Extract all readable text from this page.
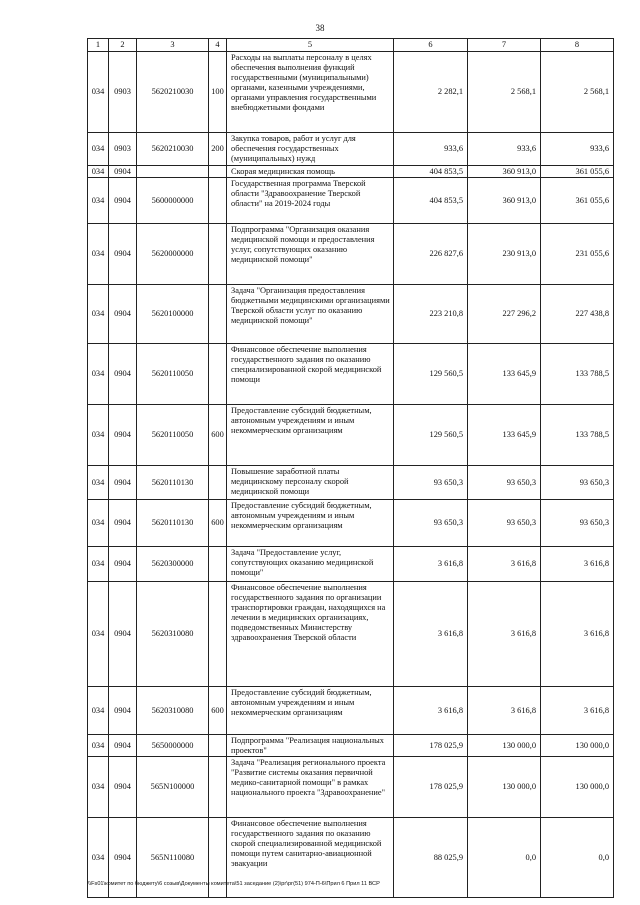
38
1	2	3	4	5	6	7	8
034	0903	5620210030	100	Расходы на выплаты персоналу в целях обеспечения выполнения функций государственными (муниципальными) органами, казенными учреждениями, органами управления государственными внебюджетными фондами	2 282,1	2 568,1	2 568,1
034	0903	5620210030	200	Закупка товаров, работ и услуг для обеспечения государственных (муниципальных) нужд	933,6	933,6	933,6
034	0904			Скорая медицинская помощь	404 853,5	360 913,0	361 055,6
034	0904	5600000000		Государственная программа Тверской области "Здравоохранение Тверской области" на 2019-2024 годы	404 853,5	360 913,0	361 055,6
034	0904	5620000000		Подпрограмма "Организация оказания медицинской помощи и предоставления услуг, сопутствующих оказанию медицинской помощи"	226 827,6	230 913,0	231 055,6
034	0904	5620100000		Задача "Организация предоставления бюджетными медицинскими организациями Тверской области услуг по оказанию медицинской помощи"	223 210,8	227 296,2	227 438,8
034	0904	5620110050		Финансовое обеспечение выполнения государственного задания по оказанию специализированной скорой медицинской помощи	129 560,5	133 645,9	133 788,5
034	0904	5620110050	600	Предоставление субсидий бюджетным, автономным учреждениям и иным некоммерческим организациям	129 560,5	133 645,9	133 788,5
034	0904	5620110130		Повышение заработной платы медицинскому персоналу скорой медицинской помощи	93 650,3	93 650,3	93 650,3
034	0904	5620110130	600	Предоставление субсидий бюджетным, автономным учреждениям и иным некоммерческим организациям	93 650,3	93 650,3	93 650,3
034	0904	5620300000		Задача "Предоставление услуг, сопутствующих оказанию медицинской помощи"	3 616,8	3 616,8	3 616,8
034	0904	5620310080		Финансовое обеспечение выполнения государственного задания по организации транспортировки граждан, находящихся на лечении в медицинских организациях, подведомственных Министерству здравоохранения Тверской области	3 616,8	3 616,8	3 616,8
034	0904	5620310080	600	Предоставление субсидий бюджетным, автономным учреждениям и иным некоммерческим организациям	3 616,8	3 616,8	3 616,8
034	0904	5650000000		Подпрограмма "Реализация национальных проектов"	178 025,9	130 000,0	130 000,0
034	0904	565N100000		Задача "Реализация регионального проекта "Развитие системы оказания первичной медико-санитарной помощи" в рамках национального проекта "Здравоохранение"	178 025,9	130 000,0	130 000,0
034	0904	565N110080		Финансовое обеспечение выполнения государственного задания по оказанию скорой специализированной медицинской помощи путем санитарно-авиационной эвакуации	88 025,9	0,0	0,0
\\Fs01\комитет по бюджету\6 созыв\Документы комитета\51 заседание (2)\рг\рг(51) 974-П-6\Прил 6 Прил 11 ВСР
